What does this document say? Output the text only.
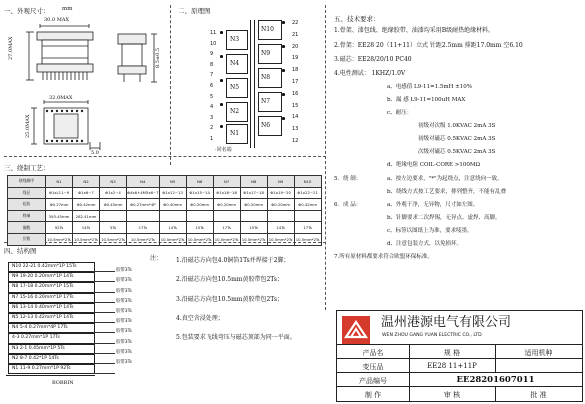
一、外观尺寸： mm
30.0 MAX
27.0MAX	8.5±0.5
32.0MAX
25.0MAX
5.0
二、原理图
N3
N4
N5
N2
N1
N10
N9
N8
N7
N6
11
10
9
8
7
6
5
4
3
2
1
22
21
20
19
18
17
16
15
14
13
12
·同名端
五、技术要求：
1.骨架、漆包线、绝缘胶带、油漆均采用B级耐热绝缘材料。
2.骨架：EE28 20（11+11）立式 针距2.5mm 排距17.0mm 空6.10
3.磁芯：EE28/20/10 PC40
4.电性测试： 1KHZ/1.0V
a、电感值 L9-11=1.5mH ±10%
b、漏 感 L9-11=100uH MAX
c、耐压：
初级对次级 1.0KVAC 2mA 3S
初级对磁芯 0.5KVAC 2mA 3S
次级对磁芯 0.5KVAC 2mA 3S
d、绝缘电阻 COIL-CORE >100MΩ
5．绕 制：	a、按左边要求，"*"为起绕点，注意绕向一致。
b、绕线方式按工艺要求，排列整齐，不能有乱叠
6．成 品：	a、外观干净，无异物，尺寸如左图。
b、针脚要求二次焊锡，无异点、虚焊、高脚。
c、标签以图纸上为准，要求唛墨。
d、注意包装方式，以免损坏。
7.所有原材料都要求符合欧盟环保标准。
三、绕制工艺：
绕线顺序	N1	N2	N3	N4	N5	N6	N7	N8	N9	N10
线径	Φ1xL11~9	Φ1x6~7	Φ1x2~4	Φ4x6+4M5x6~7	Φ1x12~13	Φ1x15~14	Φ1x16~16	Φ1x17~18	Φ1x19~20	Φ1x22~21
起始	Φ0.27mm	Φ0.42mm	Φ0.45mm	Φ0.27mm*4P	Φ0.40mm	Φ0.20mm	Φ0.20mm	Φ0.20mm	Φ0.20mm	Φ0.42mm
终端	393.45mm	282.41mm								
圈数	92Ts	14Ts	5Ts	17Ts	14Ts	15Ts	17Ts	15Ts	14Ts	17Ts
层数	10.5mm*2Ts	10.5mm*2Ts	10.5mm*2Ts	10.5mm*2Ts	10.5mm*2Ts	10.5mm*2Ts	10.5mm*2Ts	10.5mm*2Ts	10.5mm*2Ts	10.5mm*2Ts
四、结构图
N10 22-21 0.42mm*1P 15Ts
N9 19-20 0.20mm*1P 14Ts
N8 17-18 0.20mm*1P 15Ts
N7 15-16 0.20mm*1P 17Ts
N6 13-14 0.40mm*1P 14Ts
N5 12-13 0.42mm*1P 14Ts
N4 5-4 0.27mm*4P 17Ts
4-3 0.27mm*1P 17Ts
N3 2-1 0.45mm*1P 5Ts
N2 8-7 0.42*1P 14Ts
N1 11-9 0.27mm*1P 92Ts
胶带3Ts
胶带3Ts
胶带3Ts
胶带3Ts
胶带3Ts
胶带3Ts
胶带3Ts
胶带3Ts
胶带3Ts
胶带3Ts
BOBBIN
注： 1.沿磁芯方向包4.0铜箔1Ts并焊接于2脚；
2.沿磁芯方向包10.5mm黄胶带包2Ts；
3.沿磁芯方向包10.5mm黄胶带包2Ts；
4.真空含浸处理；
5.包装要求飞线弯压与磁芯顶部为同一平面。
温州港源电气有限公司
WEN ZHOU GANG YUAN ELECTRIC CO., LTD
产品名	规 格	适用机种
变压品	EE28 11+11P
产品编号	EE28201607011
制 作	审 核	批 准
